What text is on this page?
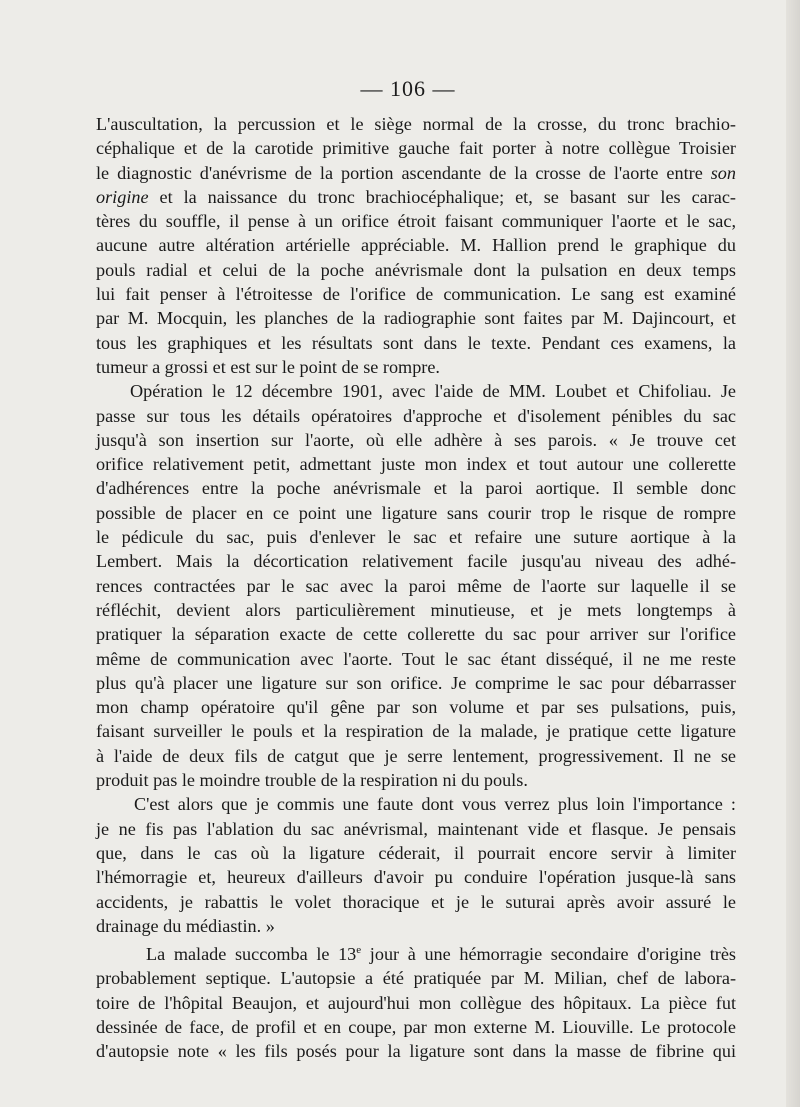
— 106 —

L'auscultation, la percussion et le siège normal de la crosse, du tronc brachio-
céphalique et de la carotide primitive gauche fait porter à notre collègue Troisier
le diagnostic d'anévrisme de la portion ascendante de la crosse de l'aorte entre son
origine et la naissance du tronc brachiocéphalique; et, se basant sur les carac-
tères du souffle, il pense à un orifice étroit faisant communiquer l'aorte et le sac,
aucune autre altération artérielle appréciable. M. Hallion prend le graphique du
pouls radial et celui de la poche anévrismale dont la pulsation en deux temps
lui fait penser à l'étroitesse de l'orifice de communication. Le sang est examiné
par M. Mocquin, les planches de la radiographie sont faites par M. Dajincourt, et
tous les graphiques et les résultats sont dans le texte. Pendant ces examens, la
tumeur a grossi et est sur le point de se rompre.

Opération le 12 décembre 1901, avec l'aide de MM. Loubet et Chifoliau. Je
passe sur tous les détails opératoires d'approche et d'isolement pénibles du sac
jusqu'à son insertion sur l'aorte, où elle adhère à ses parois. « Je trouve cet
orifice relativement petit, admettant juste mon index et tout autour une collerette
d'adhérences entre la poche anévrismale et la paroi aortique. Il semble donc
possible de placer en ce point une ligature sans courir trop le risque de rompre
le pédicule du sac, puis d'enlever le sac et refaire une suture aortique à la
Lembert. Mais la décortication relativement facile jusqu'au niveau des adhé-
rences contractées par le sac avec la paroi même de l'aorte sur laquelle il se
réfléchit, devient alors particulièrement minutieuse, et je mets longtemps à
pratiquer la séparation exacte de cette collerette du sac pour arriver sur l'orifice
même de communication avec l'aorte. Tout le sac étant disséqué, il ne me reste
plus qu'à placer une ligature sur son orifice. Je comprime le sac pour débarrasser
mon champ opératoire qu'il gêne par son volume et par ses pulsations, puis,
faisant surveiller le pouls et la respiration de la malade, je pratique cette ligature
à l'aide de deux fils de catgut que je serre lentement, progressivement. Il ne se
produit pas le moindre trouble de la respiration ni du pouls.

C'est alors que je commis une faute dont vous verrez plus loin l'importance :
je ne fis pas l'ablation du sac anévrismal, maintenant vide et flasque. Je pensais
que, dans le cas où la ligature céderait, il pourrait encore servir à limiter
l'hémorragie et, heureux d'ailleurs d'avoir pu conduire l'opération jusque-là sans
accidents, je rabattis le volet thoracique et je le suturai après avoir assuré le
drainage du médiastin. »

La malade succomba le 13e jour à une hémorragie secondaire d'origine très
probablement septique. L'autopsie a été pratiquée par M. Milian, chef de labora-
toire de l'hôpital Beaujon, et aujourd'hui mon collègue des hôpitaux. La pièce fut
dessinée de face, de profil et en coupe, par mon externe M. Liouville. Le protocole
d'autopsie note « les fils posés pour la ligature sont dans la masse de fibrine qui
